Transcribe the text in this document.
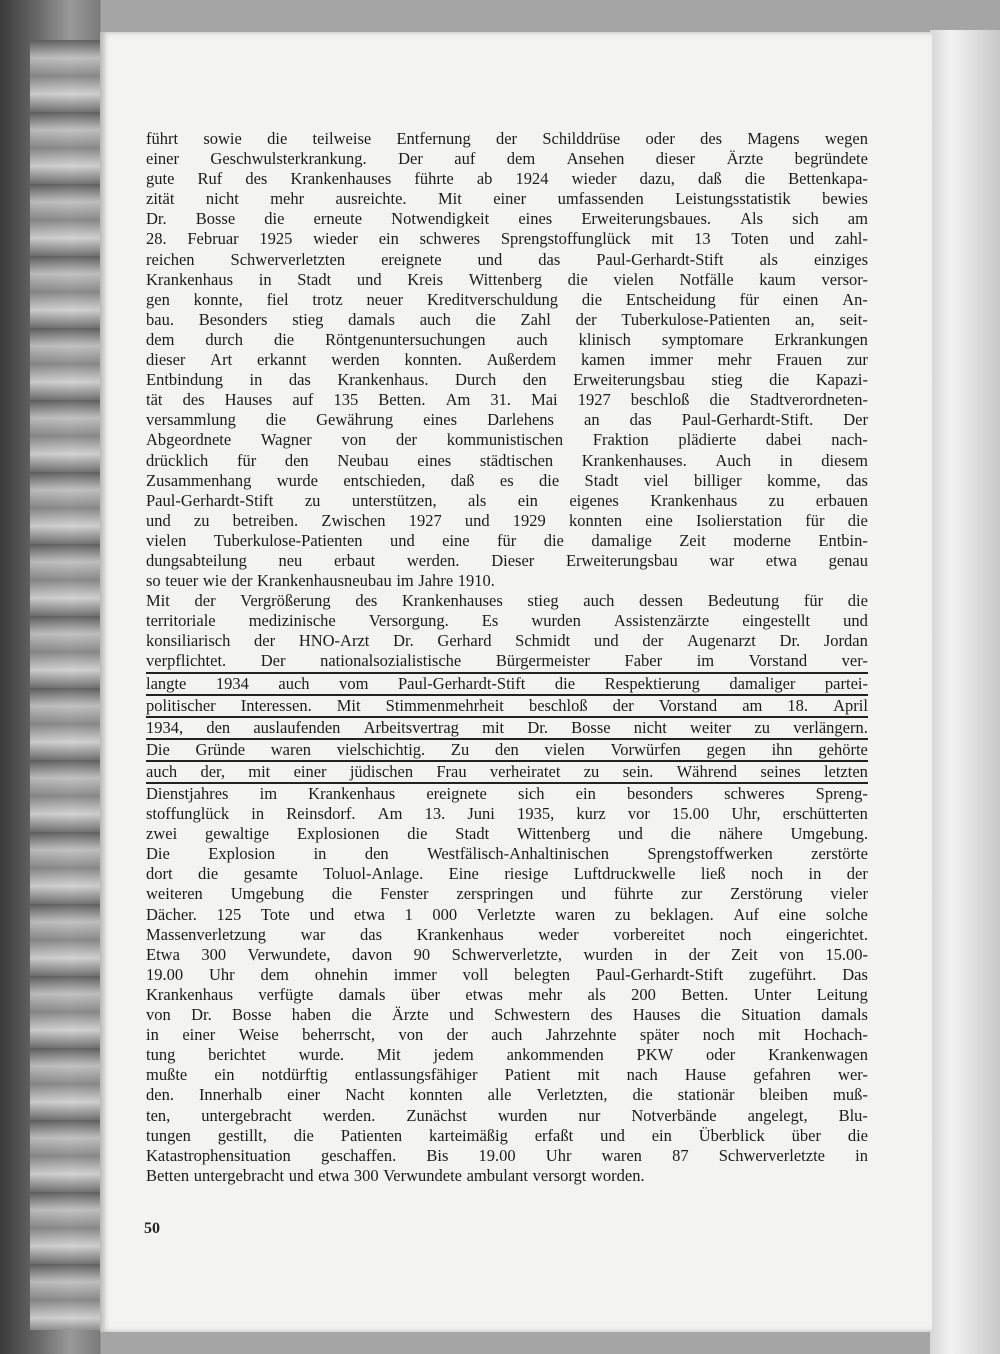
führt sowie die teilweise Entfernung der Schilddrüse oder des Magens wegen
einer Geschwulsterkrankung. Der auf dem Ansehen dieser Ärzte begründete
gute Ruf des Krankenhauses führte ab 1924 wieder dazu, daß die Bettenkapa-
zität nicht mehr ausreichte. Mit einer umfassenden Leistungsstatistik bewies
Dr. Bosse die erneute Notwendigkeit eines Erweiterungsbaues. Als sich am
28. Februar 1925 wieder ein schweres Sprengstoffunglück mit 13 Toten und zahl-
reichen Schwerverletzten ereignete und das Paul-Gerhardt-Stift als einziges
Krankenhaus in Stadt und Kreis Wittenberg die vielen Notfälle kaum versor-
gen konnte, fiel trotz neuer Kreditverschuldung die Entscheidung für einen An-
bau. Besonders stieg damals auch die Zahl der Tuberkulose-Patienten an, seit-
dem durch die Röntgenuntersuchungen auch klinisch symptomare Erkrankungen
dieser Art erkannt werden konnten. Außerdem kamen immer mehr Frauen zur
Entbindung in das Krankenhaus. Durch den Erweiterungsbau stieg die Kapazi-
tät des Hauses auf 135 Betten. Am 31. Mai 1927 beschloß die Stadtverordneten-
versammlung die Gewährung eines Darlehens an das Paul-Gerhardt-Stift. Der
Abgeordnete Wagner von der kommunistischen Fraktion plädierte dabei nach-
drücklich für den Neubau eines städtischen Krankenhauses. Auch in diesem
Zusammenhang wurde entschieden, daß es die Stadt viel billiger komme, das
Paul-Gerhardt-Stift zu unterstützen, als ein eigenes Krankenhaus zu erbauen
und zu betreiben. Zwischen 1927 und 1929 konnten eine Isolierstation für die
vielen Tuberkulose-Patienten und eine für die damalige Zeit moderne Entbin-
dungsabteilung neu erbaut werden. Dieser Erweiterungsbau war etwa genau
so teuer wie der Krankenhausneubau im Jahre 1910.
Mit der Vergrößerung des Krankenhauses stieg auch dessen Bedeutung für die
territoriale medizinische Versorgung. Es wurden Assistenzärzte eingestellt und
konsiliarisch der HNO-Arzt Dr. Gerhard Schmidt und der Augenarzt Dr. Jordan
verpflichtet. Der nationalsozialistische Bürgermeister Faber im Vorstand ver-
langte 1934 auch vom Paul-Gerhardt-Stift die Respektierung damaliger partei-
politischer Interessen. Mit Stimmenmehrheit beschloß der Vorstand am 18. April
1934, den auslaufenden Arbeitsvertrag mit Dr. Bosse nicht weiter zu verlängern.
Die Gründe waren vielschichtig. Zu den vielen Vorwürfen gegen ihn gehörte
auch der, mit einer jüdischen Frau verheiratet zu sein. Während seines letzten
Dienstjahres im Krankenhaus ereignete sich ein besonders schweres Spreng-
stoffunglück in Reinsdorf. Am 13. Juni 1935, kurz vor 15.00 Uhr, erschütterten
zwei gewaltige Explosionen die Stadt Wittenberg und die nähere Umgebung.
Die Explosion in den Westfälisch-Anhaltinischen Sprengstoffwerken zerstörte
dort die gesamte Toluol-Anlage. Eine riesige Luftdruckwelle ließ noch in der
weiteren Umgebung die Fenster zerspringen und führte zur Zerstörung vieler
Dächer. 125 Tote und etwa 1 000 Verletzte waren zu beklagen. Auf eine solche
Massenverletzung war das Krankenhaus weder vorbereitet noch eingerichtet.
Etwa 300 Verwundete, davon 90 Schwerverletzte, wurden in der Zeit von 15.00-
19.00 Uhr dem ohnehin immer voll belegten Paul-Gerhardt-Stift zugeführt. Das
Krankenhaus verfügte damals über etwas mehr als 200 Betten. Unter Leitung
von Dr. Bosse haben die Ärzte und Schwestern des Hauses die Situation damals
in einer Weise beherrscht, von der auch Jahrzehnte später noch mit Hochach-
tung berichtet wurde. Mit jedem ankommenden PKW oder Krankenwagen
mußte ein notdürftig entlassungsfähiger Patient mit nach Hause gefahren wer-
den. Innerhalb einer Nacht konnten alle Verletzten, die stationär bleiben muß-
ten, untergebracht werden. Zunächst wurden nur Notverbände angelegt, Blu-
tungen gestillt, die Patienten karteimäßig erfaßt und ein Überblick über die
Katastrophensituation geschaffen. Bis 19.00 Uhr waren 87 Schwerverletzte in
Betten untergebracht und etwa 300 Verwundete ambulant versorgt worden.
50
